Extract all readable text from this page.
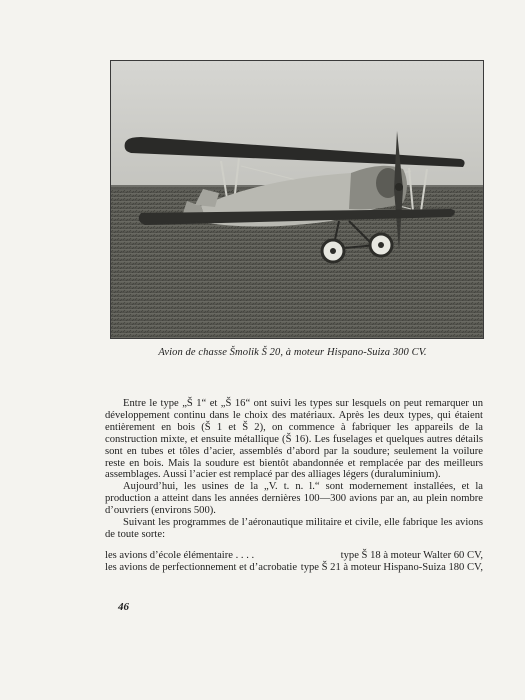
Avion de chasse Šmolik Š 20, à moteur Hispano-Suiza 300 CV.

Entre le type „Š 1“ et „Š 16“ ont suivi les types sur lesquels on peut remarquer un développement continu dans le choix des matériaux. Après les deux types, qui étaient entièrement en bois (Š 1 et Š 2), on commence à fabriquer les appareils de la construction mixte, et ensuite métallique (Š 16). Les fuselages et quelques autres détails sont en tubes et tôles d’acier, assemblés d’abord par la soudure; seulement la voilure reste en bois. Mais la soudure est bientôt abandonnée et remplacée par des meilleurs assemblages. Aussi l’acier est remplacé par des alliages légers (duraluminium).

Aujourd’hui, les usines de la „V. t. n. l.“ sont modernement installées, et la production a atteint dans les années dernières 100—300 avions par an, au plein nombre d’ouvriers (environs 500).

Suivant les programmes de l’aéronautique militaire et civile, elle fabrique les avions de toute sorte:

les avions d’école élémentaire . . . .	type Š 18 à moteur Walter 60 CV,
les avions de perfectionnement et d’acrobatie type Š 21 à moteur Hispano-Suiza 180 CV,
46
